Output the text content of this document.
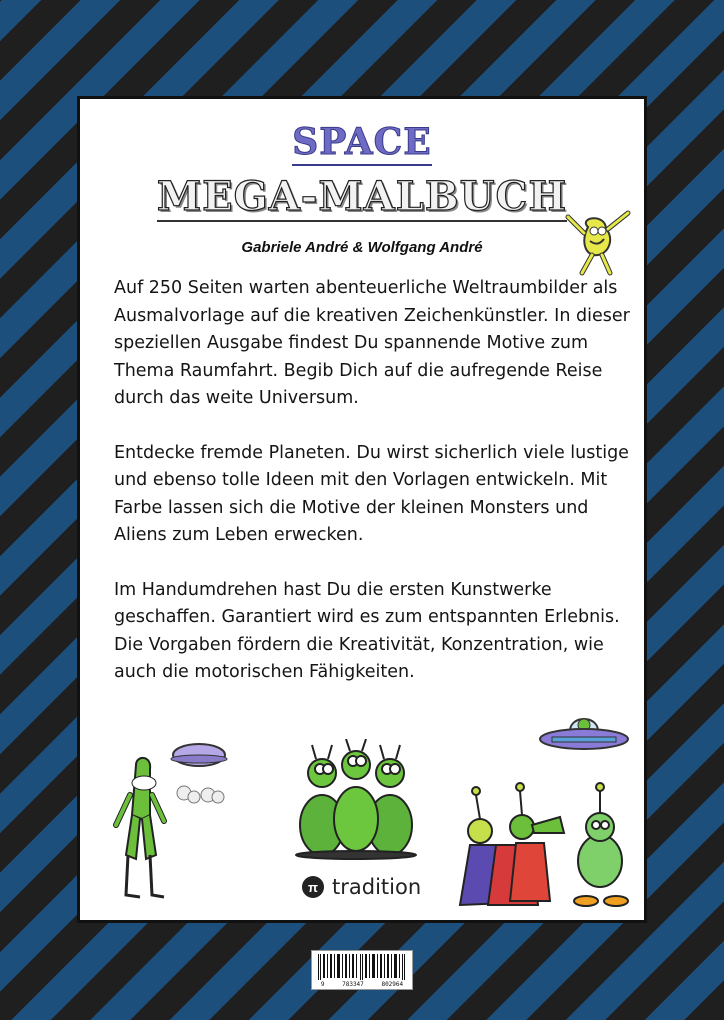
SPACE
MEGA-MALBUCH
Gabriele André & Wolfgang André

Auf 250 Seiten warten abenteuerliche Weltraumbilder als Ausmalvorlage auf die kreativen Zeichenkünstler. In dieser speziellen Ausgabe findest Du spannende Motive zum Thema Raumfahrt. Begib Dich auf die aufregende Reise durch das weite Universum.

Entdecke fremde Planeten. Du wirst sicherlich viele lustige und ebenso tolle Ideen mit den Vorlagen entwickeln. Mit Farbe lassen sich die Motive der kleinen Monsters und Aliens zum Leben erwecken.

Im Handumdrehen hast Du die ersten Kunstwerke geschaffen. Garantiert wird es zum entspannten Erlebnis. Die Vorgaben fördern die Kreativität, Konzentration, wie auch die motorischen Fähigkeiten.

π tradition
9	783347	802964
